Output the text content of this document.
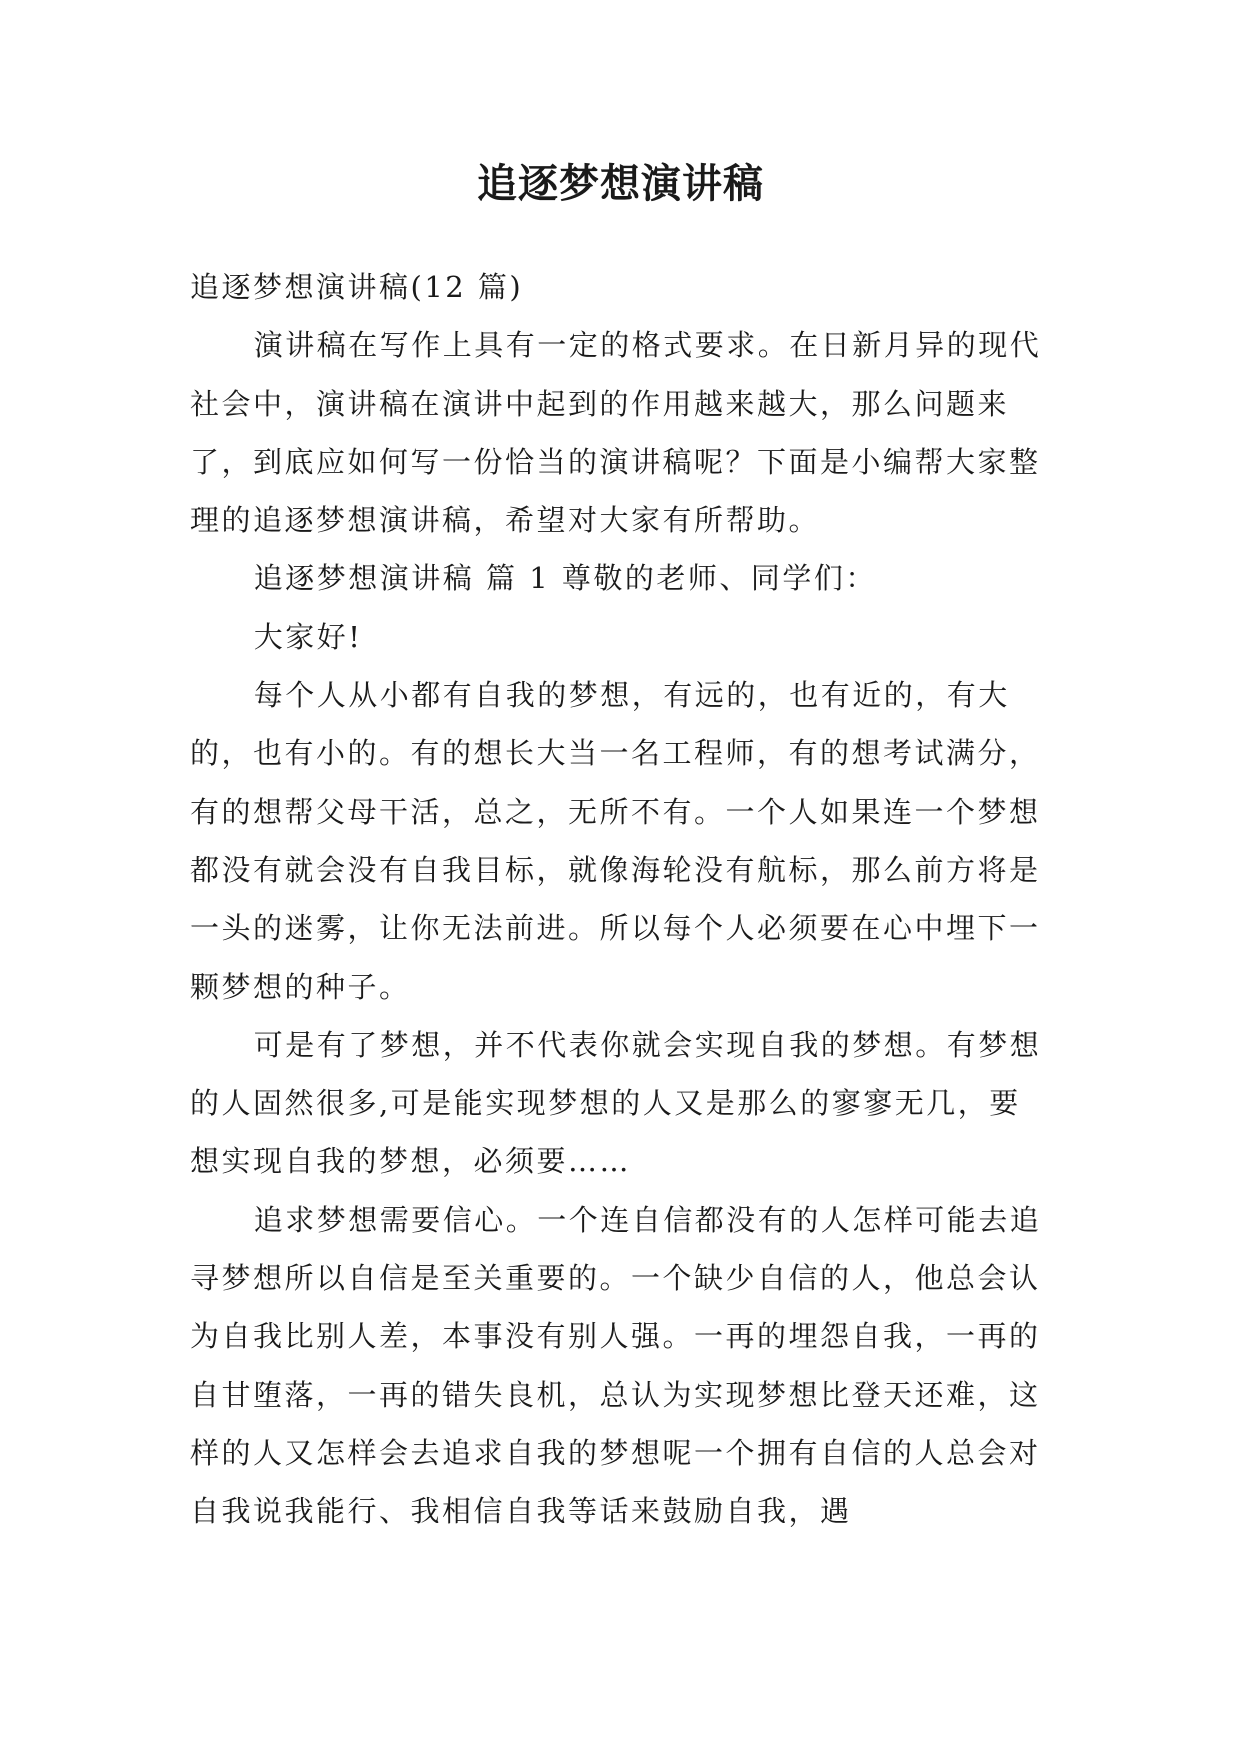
追逐梦想演讲稿

追逐梦想演讲稿(12 篇)

演讲稿在写作上具有一定的格式要求。在日新月异的现代社会中，演讲稿在演讲中起到的作用越来越大，那么问题来了，到底应如何写一份恰当的演讲稿呢？下面是小编帮大家整理的追逐梦想演讲稿，希望对大家有所帮助。

追逐梦想演讲稿 篇 1 尊敬的老师、同学们：

大家好!

每个人从小都有自我的梦想，有远的，也有近的，有大的，也有小的。有的想长大当一名工程师，有的想考试满分，有的想帮父母干活，总之，无所不有。一个人如果连一个梦想都没有就会没有自我目标，就像海轮没有航标，那么前方将是一头的迷雾，让你无法前进。所以每个人必须要在心中埋下一颗梦想的种子。

可是有了梦想，并不代表你就会实现自我的梦想。有梦想的人固然很多,可是能实现梦想的人又是那么的寥寥无几，要想实现自我的梦想，必须要……

追求梦想需要信心。一个连自信都没有的人怎样可能去追寻梦想所以自信是至关重要的。一个缺少自信的人，他总会认为自我比别人差，本事没有别人强。一再的埋怨自我，一再的自甘堕落，一再的错失良机，总认为实现梦想比登天还难，这样的人又怎样会去追求自我的梦想呢一个拥有自信的人总会对自我说我能行、我相信自我等话来鼓励自我，遇
